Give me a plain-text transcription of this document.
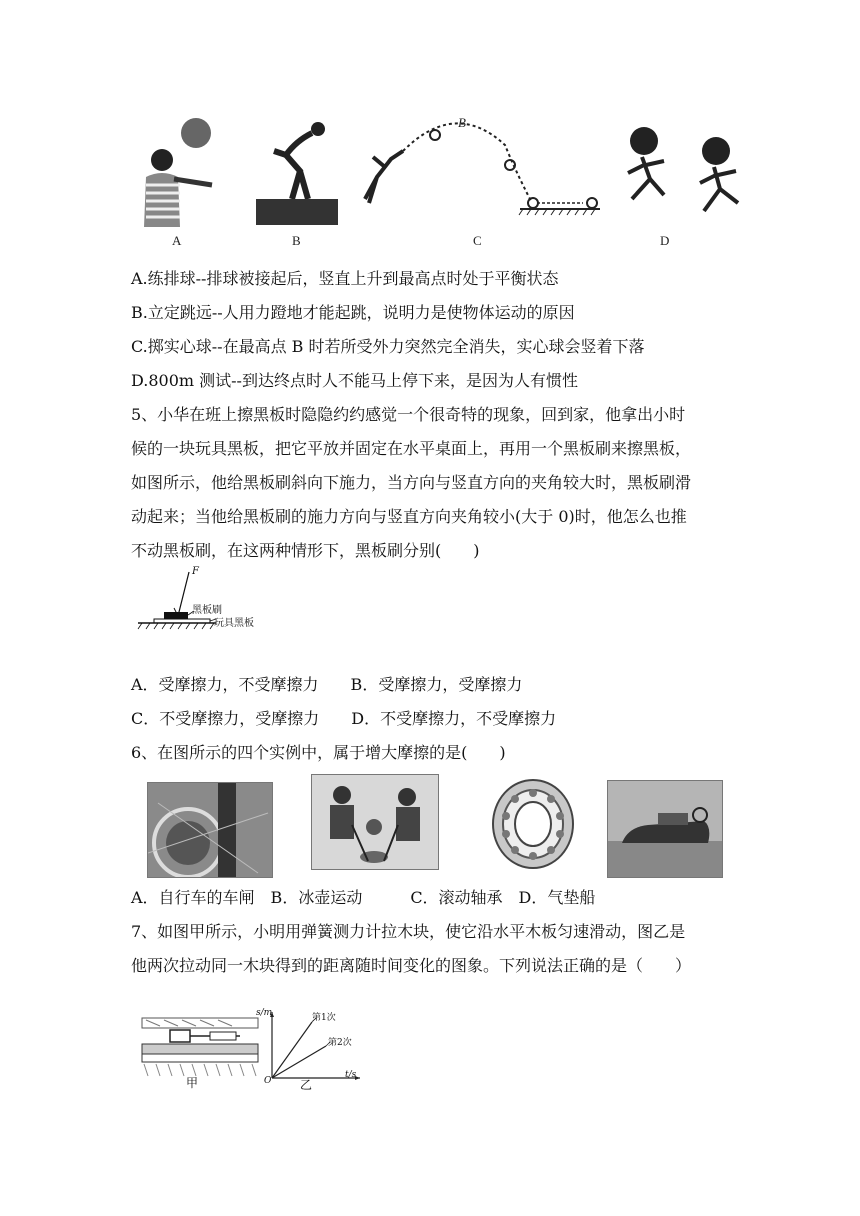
B
A	B	C	D
A.练排球--排球被接起后，竖直上升到最高点时处于平衡状态
B.立定跳远--人用力蹬地才能起跳，说明力是使物体运动的原因
C.掷实心球--在最高点 B 时若所受外力突然完全消失，实心球会竖着下落
D.800m 测试--到达终点时人不能马上停下来，是因为人有惯性
5、小华在班上擦黑板时隐隐约约感觉一个很奇特的现象，回到家，他拿出小时
候的一块玩具黑板，把它平放并固定在水平桌面上，再用一个黑板刷来擦黑板，
如图所示，他给黑板刷斜向下施力，当方向与竖直方向的夹角较大时，黑板刷滑
动起来；当他给黑板刷的施力方向与竖直方向夹角较小(大于 0)时，他怎么也推
不动黑板刷，在这两种情形下，黑板刷分别(　　)
F
黑板刷
玩具黑板
A．受摩擦力，不受摩擦力　　B．受摩擦力，受摩擦力
C．不受摩擦力，受摩擦力　　D．不受摩擦力，不受摩擦力
6、在图所示的四个实例中，属于增大摩擦的是(　　)
A．自行车的车闸　B．冰壶运动　　　C．滚动轴承　D．气垫船
7、如图甲所示，小明用弹簧测力计拉木块，使它沿水平木板匀速滑动，图乙是
他两次拉动同一木块得到的距离随时间变化的图象。下列说法正确的是（　　）
甲
s/m	第1次
第2次
O
t/s
乙
